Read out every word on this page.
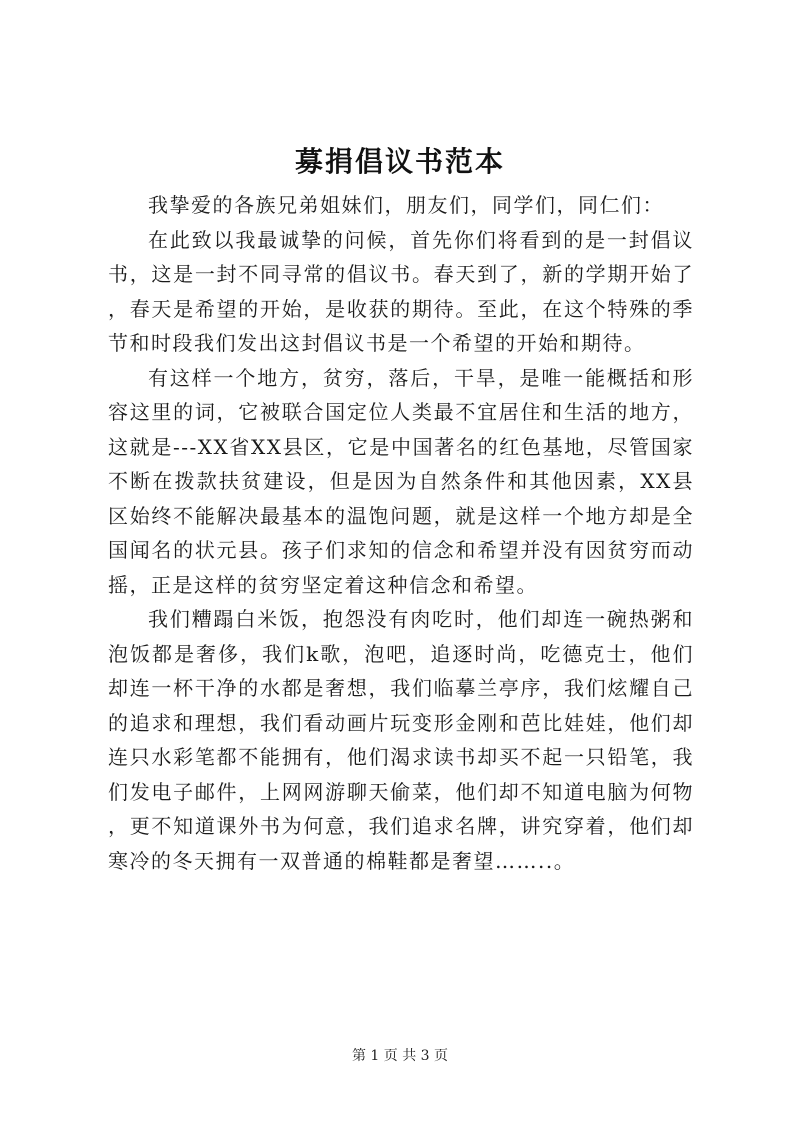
募捐倡议书范本

我挚爱的各族兄弟姐妹们，朋友们，同学们，同仁们：

在此致以我最诚挚的问候，首先你们将看到的是一封倡议书，这是一封不同寻常的倡议书。春天到了，新的学期开始了，春天是希望的开始，是收获的期待。至此，在这个特殊的季节和时段我们发出这封倡议书是一个希望的开始和期待。

有这样一个地方，贫穷，落后，干旱，是唯一能概括和形容这里的词，它被联合国定位人类最不宜居住和生活的地方，这就是---XX省XX县区，它是中国著名的红色基地，尽管国家不断在拨款扶贫建设，但是因为自然条件和其他因素，XX县区始终不能解决最基本的温饱问题，就是这样一个地方却是全国闻名的状元县。孩子们求知的信念和希望并没有因贫穷而动摇，正是这样的贫穷坚定着这种信念和希望。

我们糟蹋白米饭，抱怨没有肉吃时，他们却连一碗热粥和泡饭都是奢侈，我们k歌，泡吧，追逐时尚，吃德克士，他们却连一杯干净的水都是奢想，我们临摹兰亭序，我们炫耀自己的追求和理想，我们看动画片玩变形金刚和芭比娃娃，他们却连只水彩笔都不能拥有，他们渴求读书却买不起一只铅笔，我们发电子邮件，上网网游聊天偷菜，他们却不知道电脑为何物，更不知道课外书为何意，我们追求名牌，讲究穿着，他们却寒冷的冬天拥有一双普通的棉鞋都是奢望……..。

第 1 页 共 3 页
